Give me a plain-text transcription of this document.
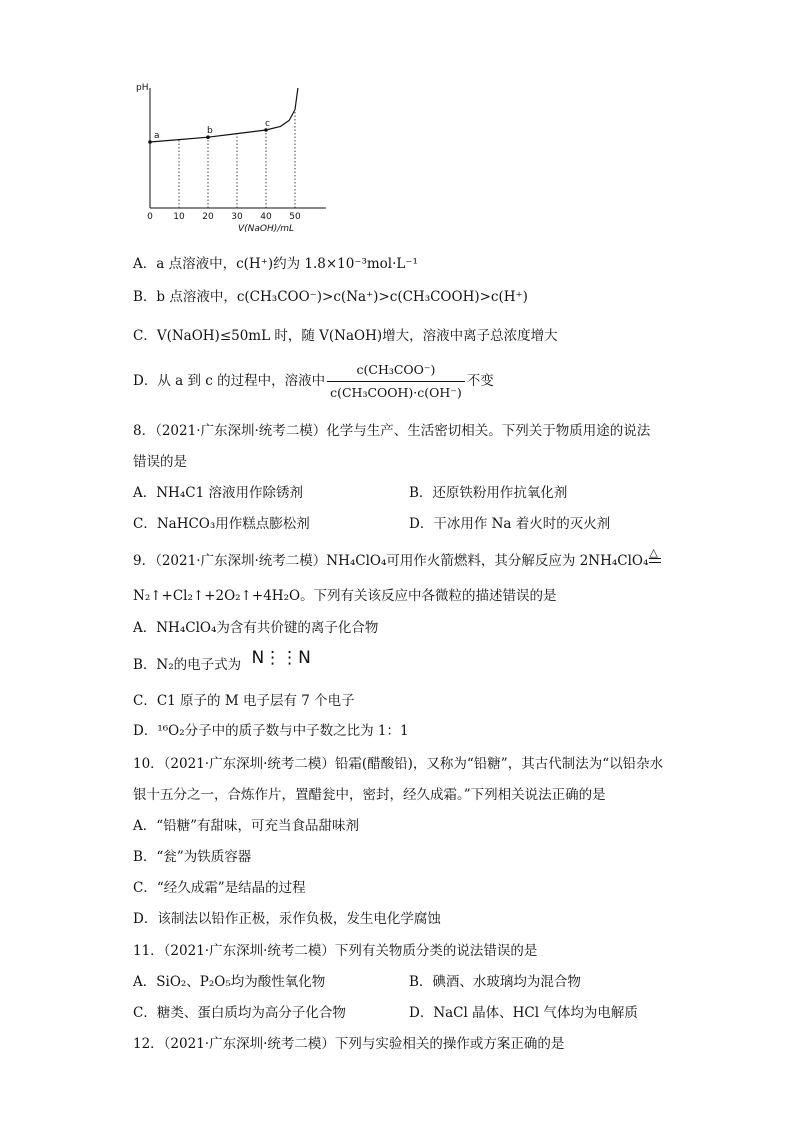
pH
0 10 20 30 40 50
V(NaOH)/mL
a	b
c
A．a 点溶液中，c(H⁺)约为 1.8×10⁻³mol·L⁻¹
B．b 点溶液中，c(CH₃COO⁻)>c(Na⁺)>c(CH₃COOH)>c(H⁺)
C．V(NaOH)≤50mL 时，随 V(NaOH)增大，溶液中离子总浓度增大
D．从 a 到 c 的过程中，溶液中 $\frac{\text{c(CH₃COO⁻)}}{\text{c(CH₃COOH)·c(OH⁻)}}$ 不变
8．（2021·广东深圳·统考二模）化学与生产、生活密切相关。下列关于物质用途的说法
错误的是
A．NH₄C1 溶液用作除锈剂	B．还原铁粉用作抗氧化剂
C．NaHCO₃用作糕点膨松剂	D．干冰用作 Na 着火时的灭火剂
9．（2021·广东深圳·统考二模）NH₄ClO₄可用作火箭燃料，其分解反应为 2NH₄ClO₄
△
N₂↑+Cl₂↑+2O₂↑+4H₂O。下列有关该反应中各微粒的描述错误的是
A．NH₄ClO₄为含有共价键的离子化合物
B．N₂的电子式为 N⋮⋮N
C．C1 原子的 M 电子层有 7 个电子
D．¹⁶O₂分子中的质子数与中子数之比为 1：1
10．（2021·广东深圳·统考二模）铅霜(醋酸铅)，又称为“铅糖”，其古代制法为“以铅杂水
银十五分之一，合炼作片，置醋瓮中，密封，经久成霜。”下列相关说法正确的是
A．“铅糖”有甜味，可充当食品甜味剂
B．“瓮”为铁质容器
C．“经久成霜”是结晶的过程
D．该制法以铅作正极，汞作负极，发生电化学腐蚀
11．（2021·广东深圳·统考二模）下列有关物质分类的说法错误的是
A．SiO₂、P₂O₅均为酸性氧化物	B．碘酒、水玻璃均为混合物
C．糖类、蛋白质均为高分子化合物	D．NaCl 晶体、HCl 气体均为电解质
12．（2021·广东深圳·统考二模）下列与实验相关的操作或方案正确的是
